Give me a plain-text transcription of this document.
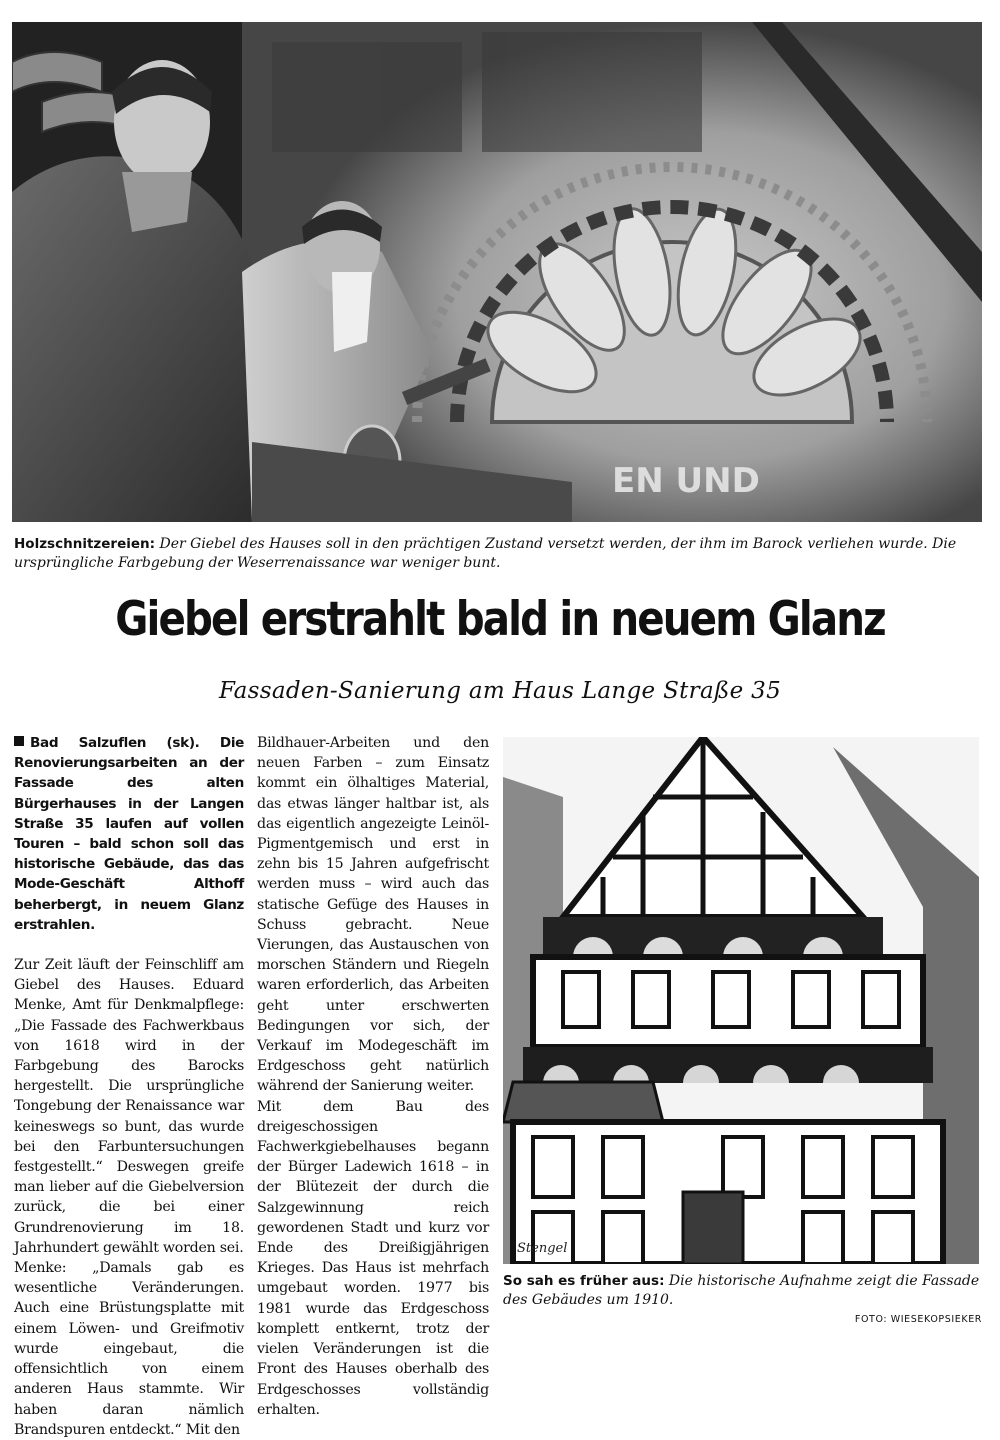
EN UND
Holzschnitzereien: Der Giebel des Hauses soll in den prächtigen Zustand versetzt werden, der ihm im Barock verliehen wurde. Die ursprüngliche Farbgebung der Weserrenaissance war weniger bunt.
Giebel erstrahlt bald in neuem Glanz
Fassaden-Sanierung am Haus Lange Straße 35

Bad Salzuflen (sk). Die Renovierungsarbeiten an der Fassade des alten Bürgerhauses in der Langen Straße 35 laufen auf vollen Touren – bald schon soll das historische Gebäude, das das Mode-Geschäft Althoff beherbergt, in neuem Glanz erstrahlen.

Zur Zeit läuft der Feinschliff am Giebel des Hauses. Eduard Menke, Amt für Denkmalpflege: „Die Fassade des Fachwerkbaus von 1618 wird in der Farbgebung des Barocks hergestellt. Die ursprüngliche Tongebung der Renaissance war keineswegs so bunt, das wurde bei den Farbuntersuchungen festgestellt.“ Deswegen greife man lieber auf die Giebelversion zurück, die bei einer Grundrenovierung im 18. Jahrhundert gewählt worden sei.

Menke: „Damals gab es wesentliche Veränderungen. Auch eine Brüstungsplatte mit einem Löwen- und Greifmotiv wurde eingebaut, die offensichtlich von einem anderen Haus stammte. Wir haben daran nämlich Brandspuren entdeckt.“ Mit den

Bildhauer-Arbeiten und den neuen Farben – zum Einsatz kommt ein ölhaltiges Material, das etwas länger haltbar ist, als das eigentlich angezeigte Leinöl-Pigmentgemisch und erst in zehn bis 15 Jahren aufgefrischt werden muss – wird auch das statische Gefüge des Hauses in Schuss gebracht. Neue Vierungen, das Austauschen von morschen Ständern und Riegeln waren erforderlich, das Arbeiten geht unter erschwerten Bedingungen vor sich, der Verkauf im Modegeschäft im Erdgeschoss geht natürlich während der Sanierung weiter.

Mit dem Bau des dreigeschossigen Fachwerkgiebelhauses begann der Bürger Ladewich 1618 – in der Blütezeit der durch die Salzgewinnung reich gewordenen Stadt und kurz vor Ende des Dreißigjährigen Krieges. Das Haus ist mehrfach umgebaut worden. 1977 bis 1981 wurde das Erdgeschoss komplett entkernt, trotz der vielen Veränderungen ist die Front des Hauses oberhalb des Erdgeschosses vollständig erhalten.

Stengel
So sah es früher aus: Die historische Aufnahme zeigt die Fassade des Gebäudes um 1910.
FOTO: WIESEKOPSIEKER
